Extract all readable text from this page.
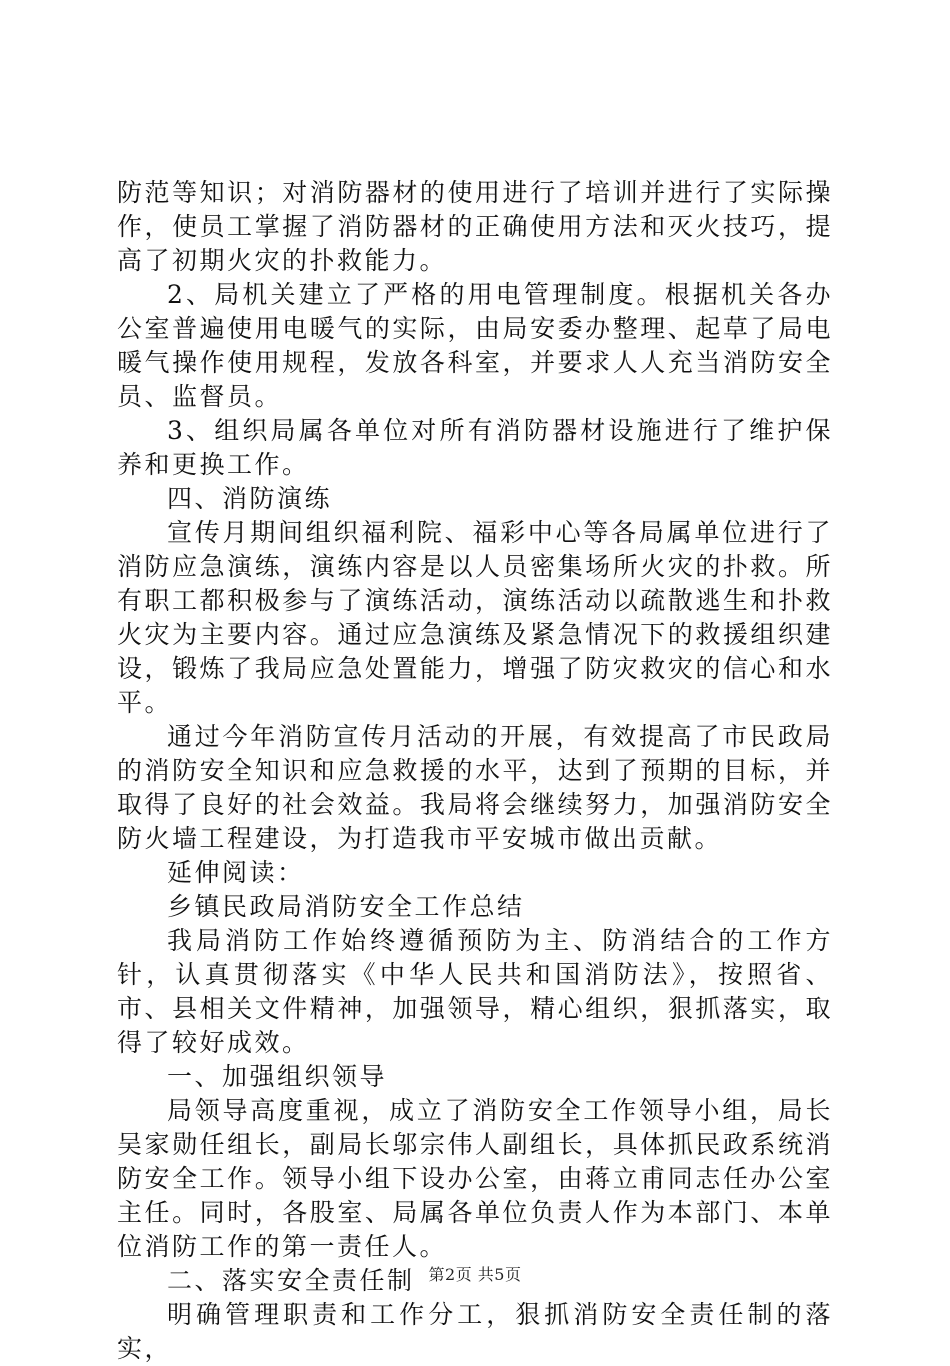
防范等知识；对消防器材的使用进行了培训并进行了实际操作，使员工掌握了消防器材的正确使用方法和灭火技巧，提高了初期火灾的扑救能力。

2、局机关建立了严格的用电管理制度。根据机关各办公室普遍使用电暖气的实际，由局安委办整理、起草了局电暖气操作使用规程，发放各科室，并要求人人充当消防安全员、监督员。

3、组织局属各单位对所有消防器材设施进行了维护保养和更换工作。

四、消防演练

宣传月期间组织福利院、福彩中心等各局属单位进行了消防应急演练，演练内容是以人员密集场所火灾的扑救。所有职工都积极参与了演练活动，演练活动以疏散逃生和扑救火灾为主要内容。通过应急演练及紧急情况下的救援组织建设，锻炼了我局应急处置能力，增强了防灾救灾的信心和水平。

通过今年消防宣传月活动的开展，有效提高了市民政局的消防安全知识和应急救援的水平，达到了预期的目标，并取得了良好的社会效益。我局将会继续努力，加强消防安全防火墙工程建设，为打造我市平安城市做出贡献。

延伸阅读：

乡镇民政局消防安全工作总结

我局消防工作始终遵循预防为主、防消结合的工作方针，认真贯彻落实《中华人民共和国消防法》，按照省、市、县相关文件精神，加强领导，精心组织，狠抓落实，取得了较好成效。

一、加强组织领导

局领导高度重视，成立了消防安全工作领导小组，局长吴家勋任组长，副局长邬宗伟人副组长，具体抓民政系统消防安全工作。领导小组下设办公室，由蒋立甫同志任办公室主任。同时，各股室、局属各单位负责人作为本部门、本单位消防工作的第一责任人。

二、落实安全责任制

明确管理职责和工作分工，狠抓消防安全责任制的落实，

第2页 共5页
